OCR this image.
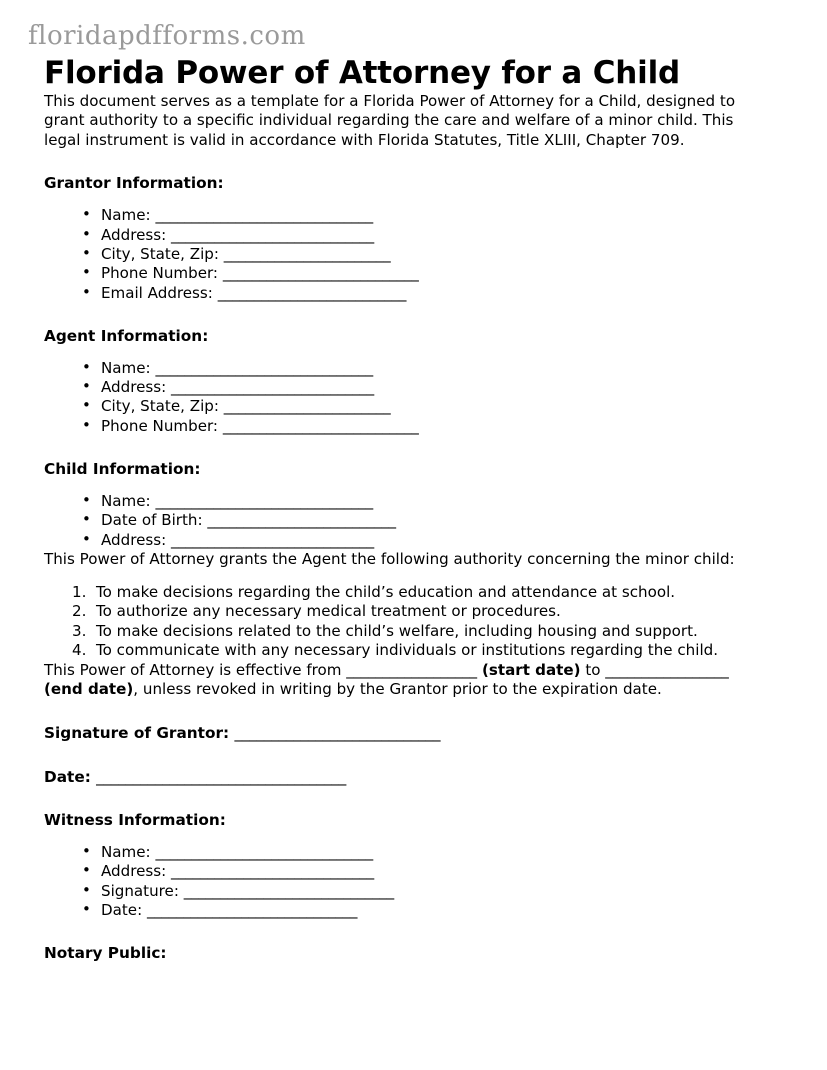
floridapdfforms.com
Florida Power of Attorney for a Child

This document serves as a template for a Florida Power of Attorney for a Child, designed to grant authority to a specific individual regarding the care and welfare of a minor child. This legal instrument is valid in accordance with Florida Statutes, Title XLIII, Chapter 709.

Grantor Information:
• Name: ______________________________
• Address: ____________________________
• City, State, Zip: _______________________
• Phone Number: ___________________________
• Email Address: __________________________
Agent Information:
• Name: ______________________________
• Address: ____________________________
• City, State, Zip: _______________________
• Phone Number: ___________________________
Child Information:
• Name: ______________________________
• Date of Birth: __________________________
• Address: ____________________________

This Power of Attorney grants the Agent the following authority concerning the minor child:

To make decisions regarding the child’s education and attendance at school.
To authorize any necessary medical treatment or procedures.
To make decisions related to the child’s welfare, including housing and support.
To communicate with any necessary individuals or institutions regarding the child.

This Power of Attorney is effective from __________________ (start date) to _________________ (end date), unless revoked in writing by the Grantor prior to the expiration date.

Signature of Grantor: ____________________________
Date: __________________________________
Witness Information:
• Name: ______________________________
• Address: ____________________________
• Signature: _____________________________
• Date: _____________________________
Notary Public:
